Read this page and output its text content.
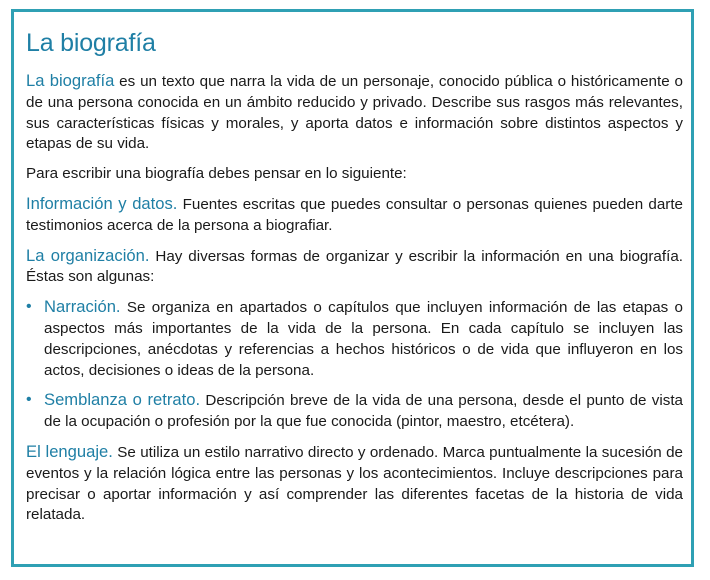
La biografía

La biografía es un texto que narra la vida de un personaje, conocido pública o históricamente o de una persona conocida en un ámbito reducido y privado. Describe sus rasgos más relevantes, sus características físicas y morales, y aporta datos e información sobre distintos aspectos y etapas de su vida.

Para escribir una biografía debes pensar en lo siguiente:

Información y datos. Fuentes escritas que puedes consultar o personas quienes pueden darte testimonios acerca de la persona a biografiar.

La organización. Hay diversas formas de organizar y escribir la información en una biografía. Éstas son algunas:

• Narración. Se organiza en apartados o capítulos que incluyen información de las etapas o aspectos más importantes de la vida de la persona. En cada capítulo se incluyen las descripciones, anécdotas y referencias a hechos históricos o de vida que influyeron en los actos, decisiones o ideas de la persona.
• Semblanza o retrato. Descripción breve de la vida de una persona, desde el punto de vista de la ocupación o profesión por la que fue conocida (pintor, maestro, etcétera).

El lenguaje. Se utiliza un estilo narrativo directo y ordenado. Marca puntualmente la sucesión de eventos y la relación lógica entre las personas y los acontecimientos. Incluye descripciones para precisar o aportar información y así comprender las diferentes facetas de la historia de vida relatada.
